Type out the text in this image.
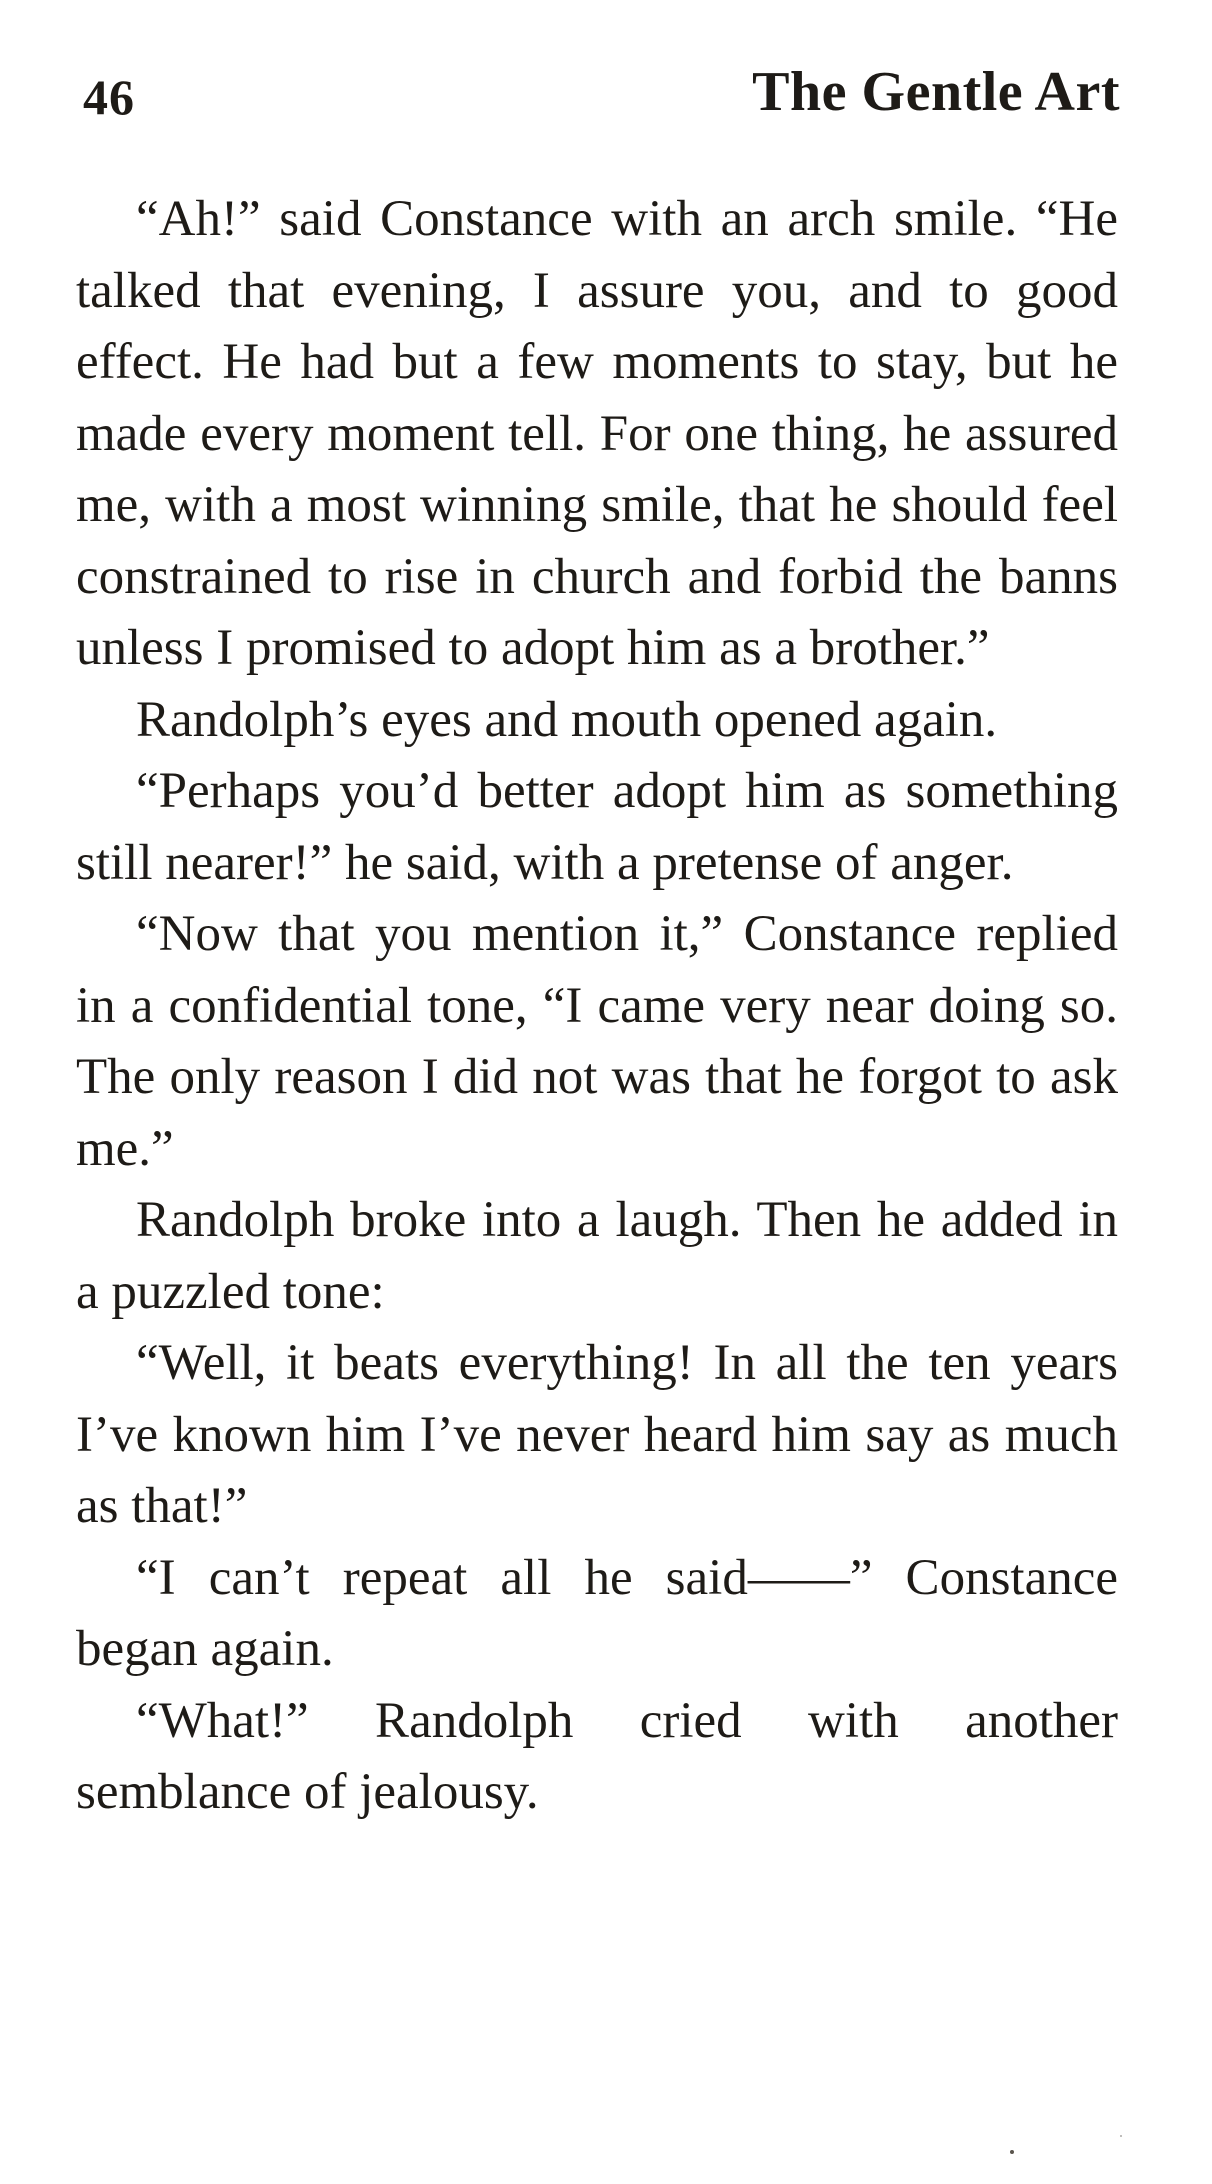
46	The Gentle Art

“Ah!” said Constance with an arch smile. “He talked that evening, I assure you, and to good effect. He had but a few moments to stay, but he made every moment tell. For one thing, he assured me, with a most winning smile, that he should feel constrained to rise in church and forbid the banns unless I promised to adopt him as a brother.”

Randolph’s eyes and mouth opened again.

“Perhaps you’d better adopt him as something still nearer!” he said, with a pretense of anger.

“Now that you mention it,” Constance replied in a confidential tone, “I came very near doing so. The only reason I did not was that he forgot to ask me.”

Randolph broke into a laugh. Then he added in a puzzled tone:

“Well, it beats everything! In all the ten years I’ve known him I’ve never heard him say as much as that!”

“I can’t repeat all he said——” Constance began again.

“What!” Randolph cried with another semblance of jealousy.
